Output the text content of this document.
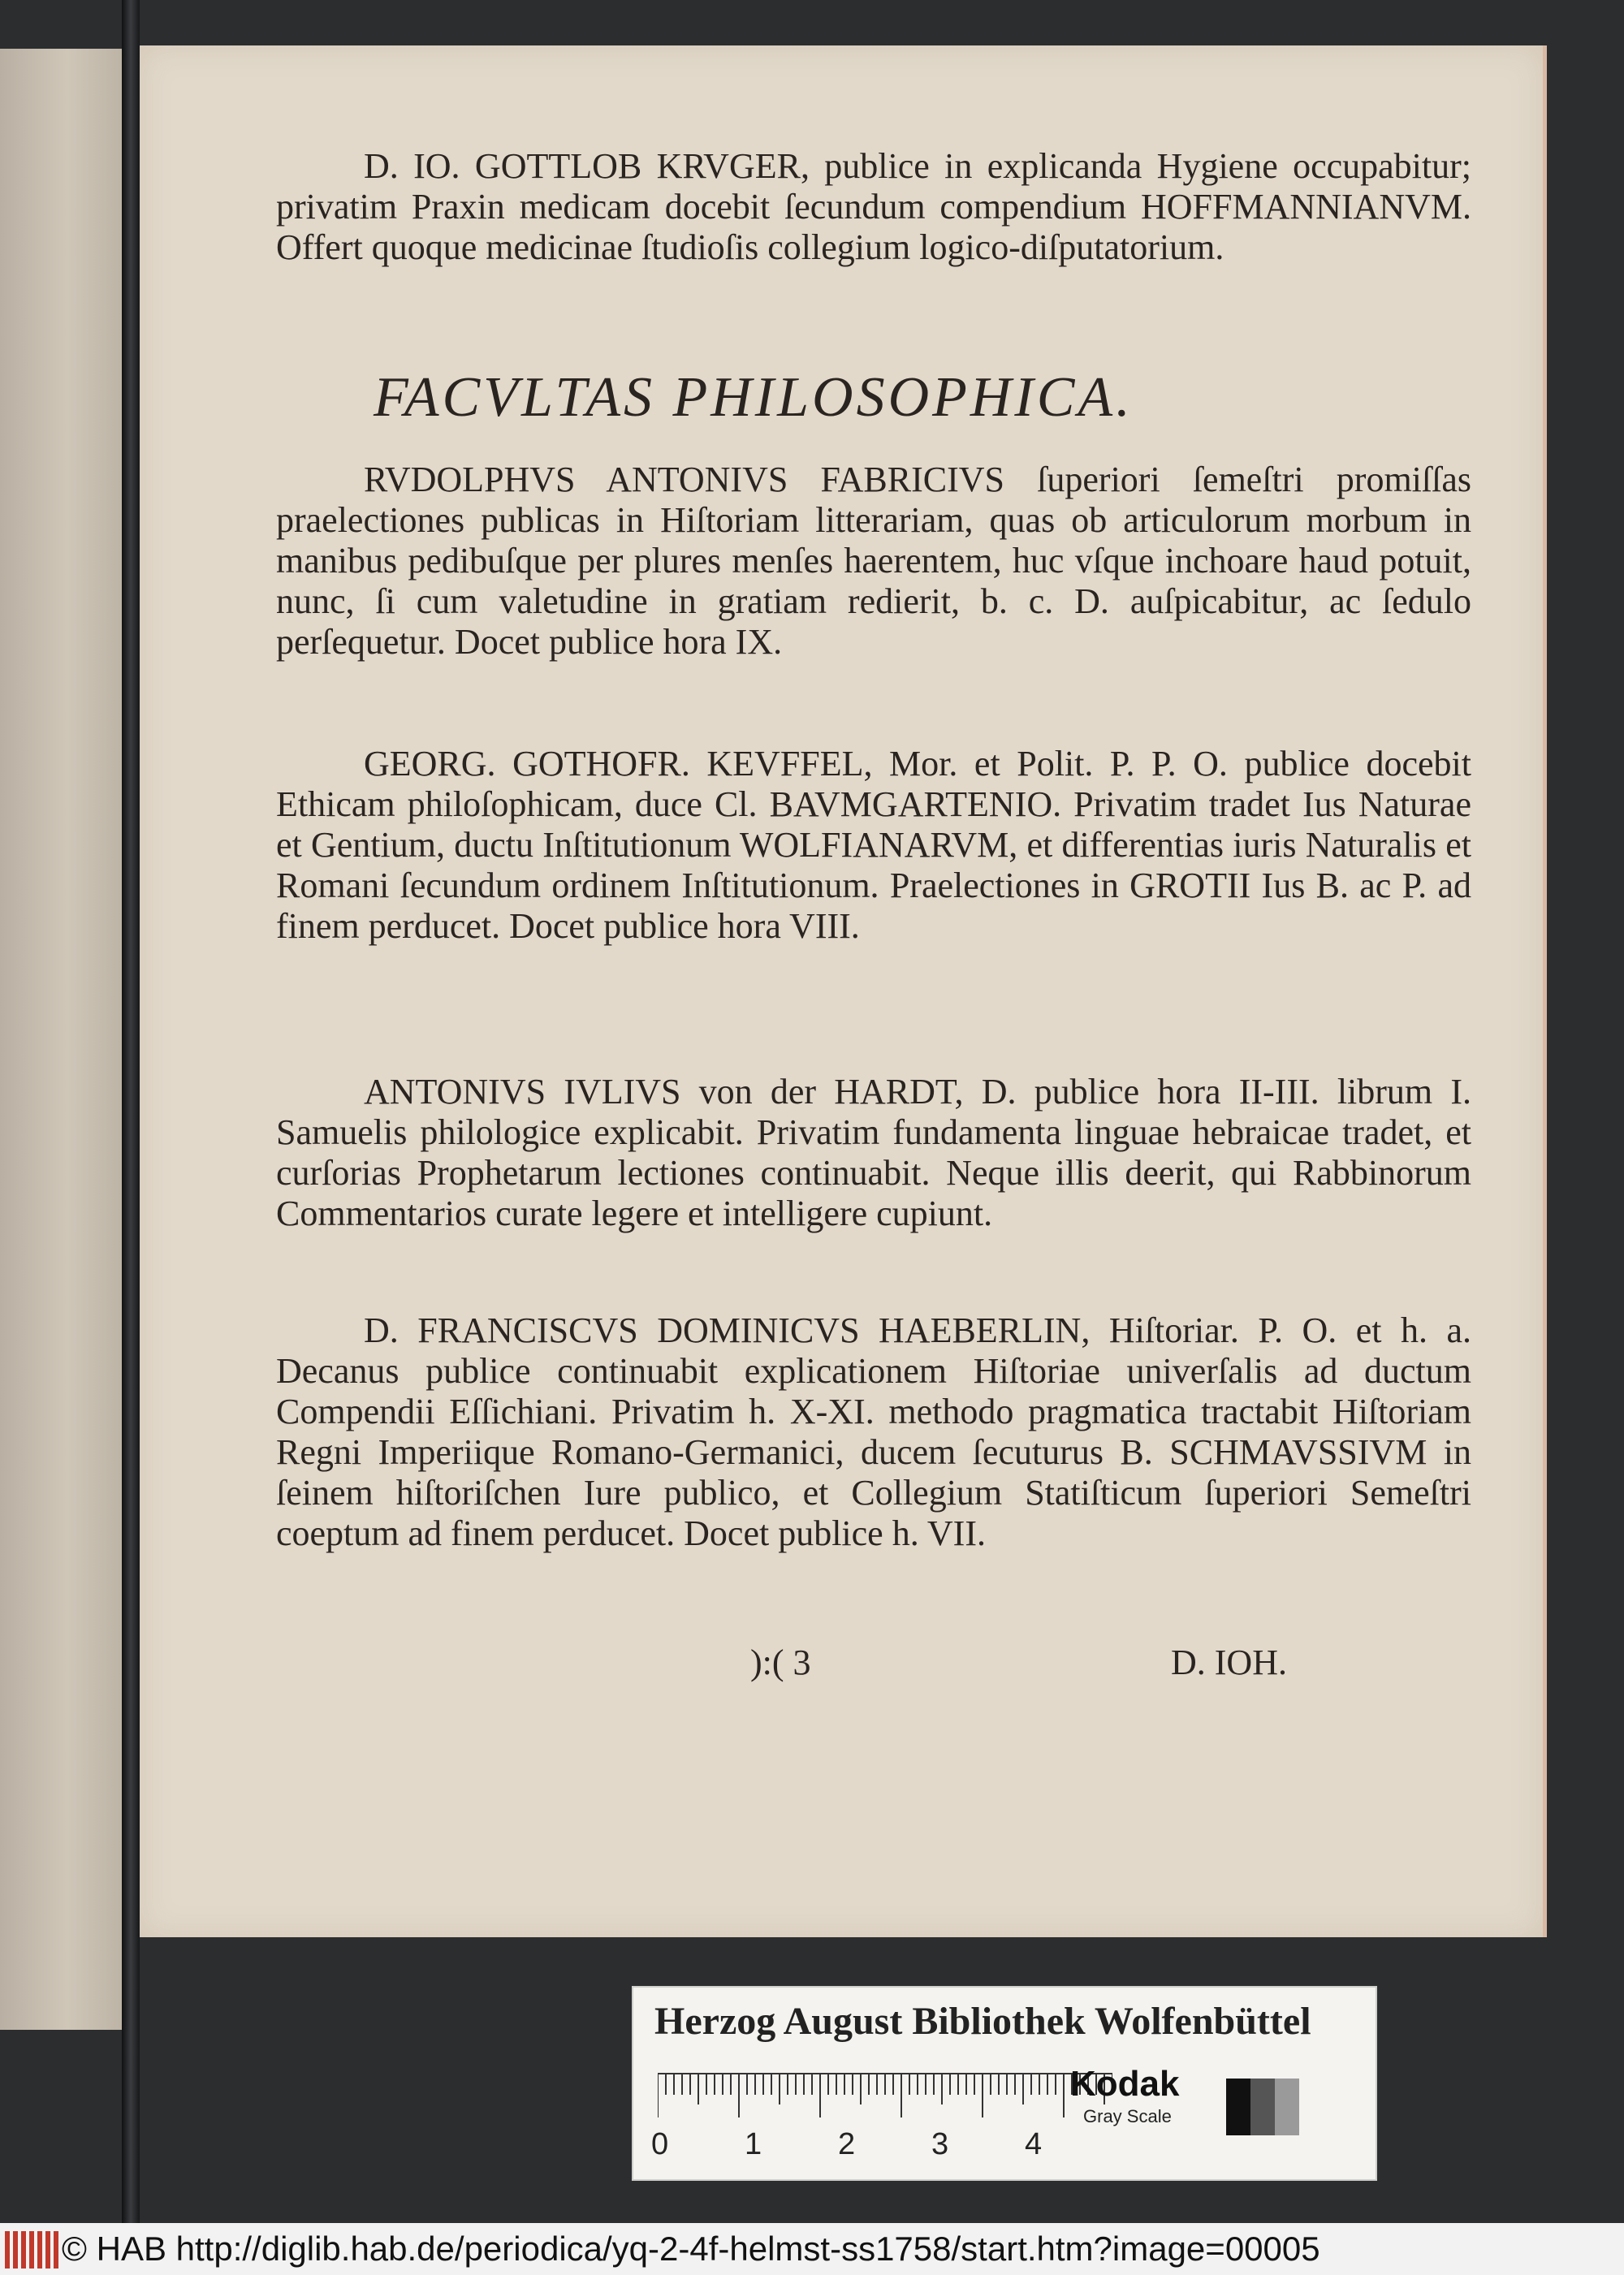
D. IO. GOTTLOB KRVGER, publice in explicanda Hygiene occupabitur; privatim Praxin medicam docebit ſecundum compendium HOFFMANNIANVM. Offert quoque medicinae ſtudioſis collegium logico-diſputatorium.
FACVLTAS PHILOSOPHICA.
RVDOLPHVS ANTONIVS FABRICIVS ſuperiori ſemeſtri promiſſas praelectiones publicas in Hiſtoriam litterariam, quas ob articulorum morbum in manibus pedibuſque per plures menſes haerentem, huc vſque inchoare haud potuit, nunc, ſi cum valetudine in gratiam redierit, b. c. D. auſpicabitur, ac ſedulo perſequetur. Docet publice hora IX.
GEORG. GOTHOFR. KEVFFEL, Mor. et Polit. P. P. O. publice docebit Ethicam philoſophicam, duce Cl. BAVMGARTENIO. Privatim tradet Ius Naturae et Gentium, ductu Inſtitutionum WOLFIANARVM, et differentias iuris Naturalis et Romani ſecundum ordinem Inſtitutionum. Praelectiones in GROTII Ius B. ac P. ad finem perducet. Docet publice hora VIII.
ANTONIVS IVLIVS von der HARDT, D. publice hora II-III. librum I. Samuelis philologice explicabit. Privatim fundamenta linguae hebraicae tradet, et curſorias Prophetarum lectiones continuabit. Neque illis deerit, qui Rabbinorum Commentarios curate legere et intelligere cupiunt.
D. FRANCISCVS DOMINICVS HAEBERLIN, Hiſtoriar. P. O. et h. a. Decanus publice continuabit explicationem Hiſtoriae univerſalis ad ductum Compendii Eſſichiani. Privatim h. X-XI. methodo pragmatica tractabit Hiſtoriam Regni Imperiique Romano-Germanici, ducem ſecuturus B. SCHMAVSSIVM in ſeinem hiſtoriſchen Iure publico, et Collegium Statiſticum ſuperiori Semeſtri coeptum ad finem perducet. Docet publice h. VII.
):( 3	D. IOH.
Herzog August Bibliothek Wolfenbüttel
0 1 2 3 4
Kodak
Gray Scale
© HAB http://diglib.hab.de/periodica/yq-2-4f-helmst-ss1758/start.htm?image=00005
